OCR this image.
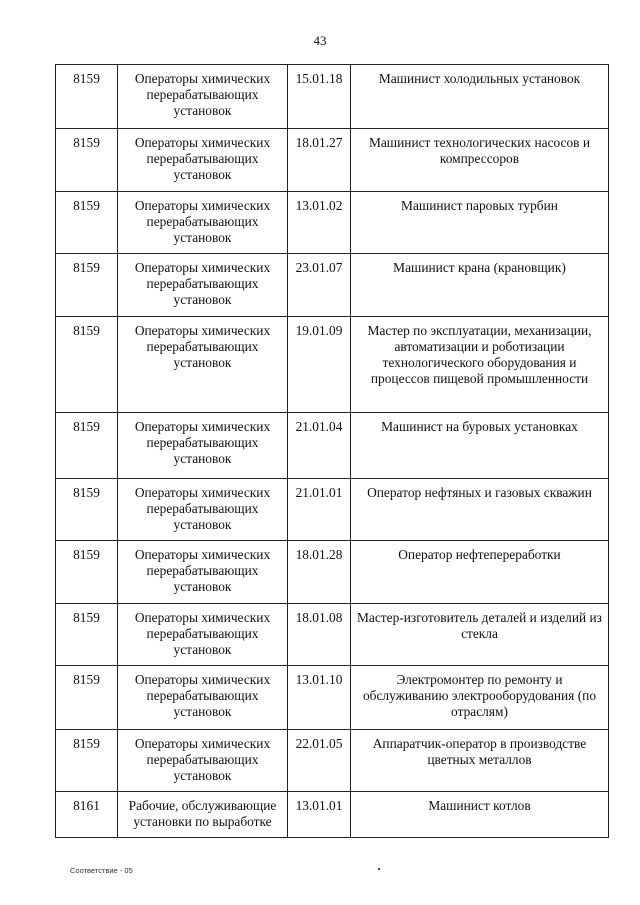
43
8159	Операторы химических перерабатывающих установок	15.01.18	Машинист холодильных установок
8159	Операторы химических перерабатывающих установок	18.01.27	Машинист технологических насосов и компрессоров
8159	Операторы химических перерабатывающих установок	13.01.02	Машинист паровых турбин
8159	Операторы химических перерабатывающих установок	23.01.07	Машинист крана (крановщик)
8159	Операторы химических перерабатывающих установок	19.01.09	Мастер по эксплуатации, механизации, автоматизации и роботизации технологического оборудования и процессов пищевой промышленности
8159	Операторы химических перерабатывающих установок	21.01.04	Машинист на буровых установках
8159	Операторы химических перерабатывающих установок	21.01.01	Оператор нефтяных и газовых скважин
8159	Операторы химических перерабатывающих установок	18.01.28	Оператор нефтепереработки
8159	Операторы химических перерабатывающих установок	18.01.08	Мастер-изготовитель деталей и изделий из стекла
8159	Операторы химических перерабатывающих установок	13.01.10	Электромонтер по ремонту и обслуживанию электрооборудования (по отраслям)
8159	Операторы химических перерабатывающих установок	22.01.05	Аппаратчик-оператор в производстве цветных металлов
8161	Рабочие, обслуживающие установки по выработке	13.01.01	Машинист котлов
Соответствие - 05
